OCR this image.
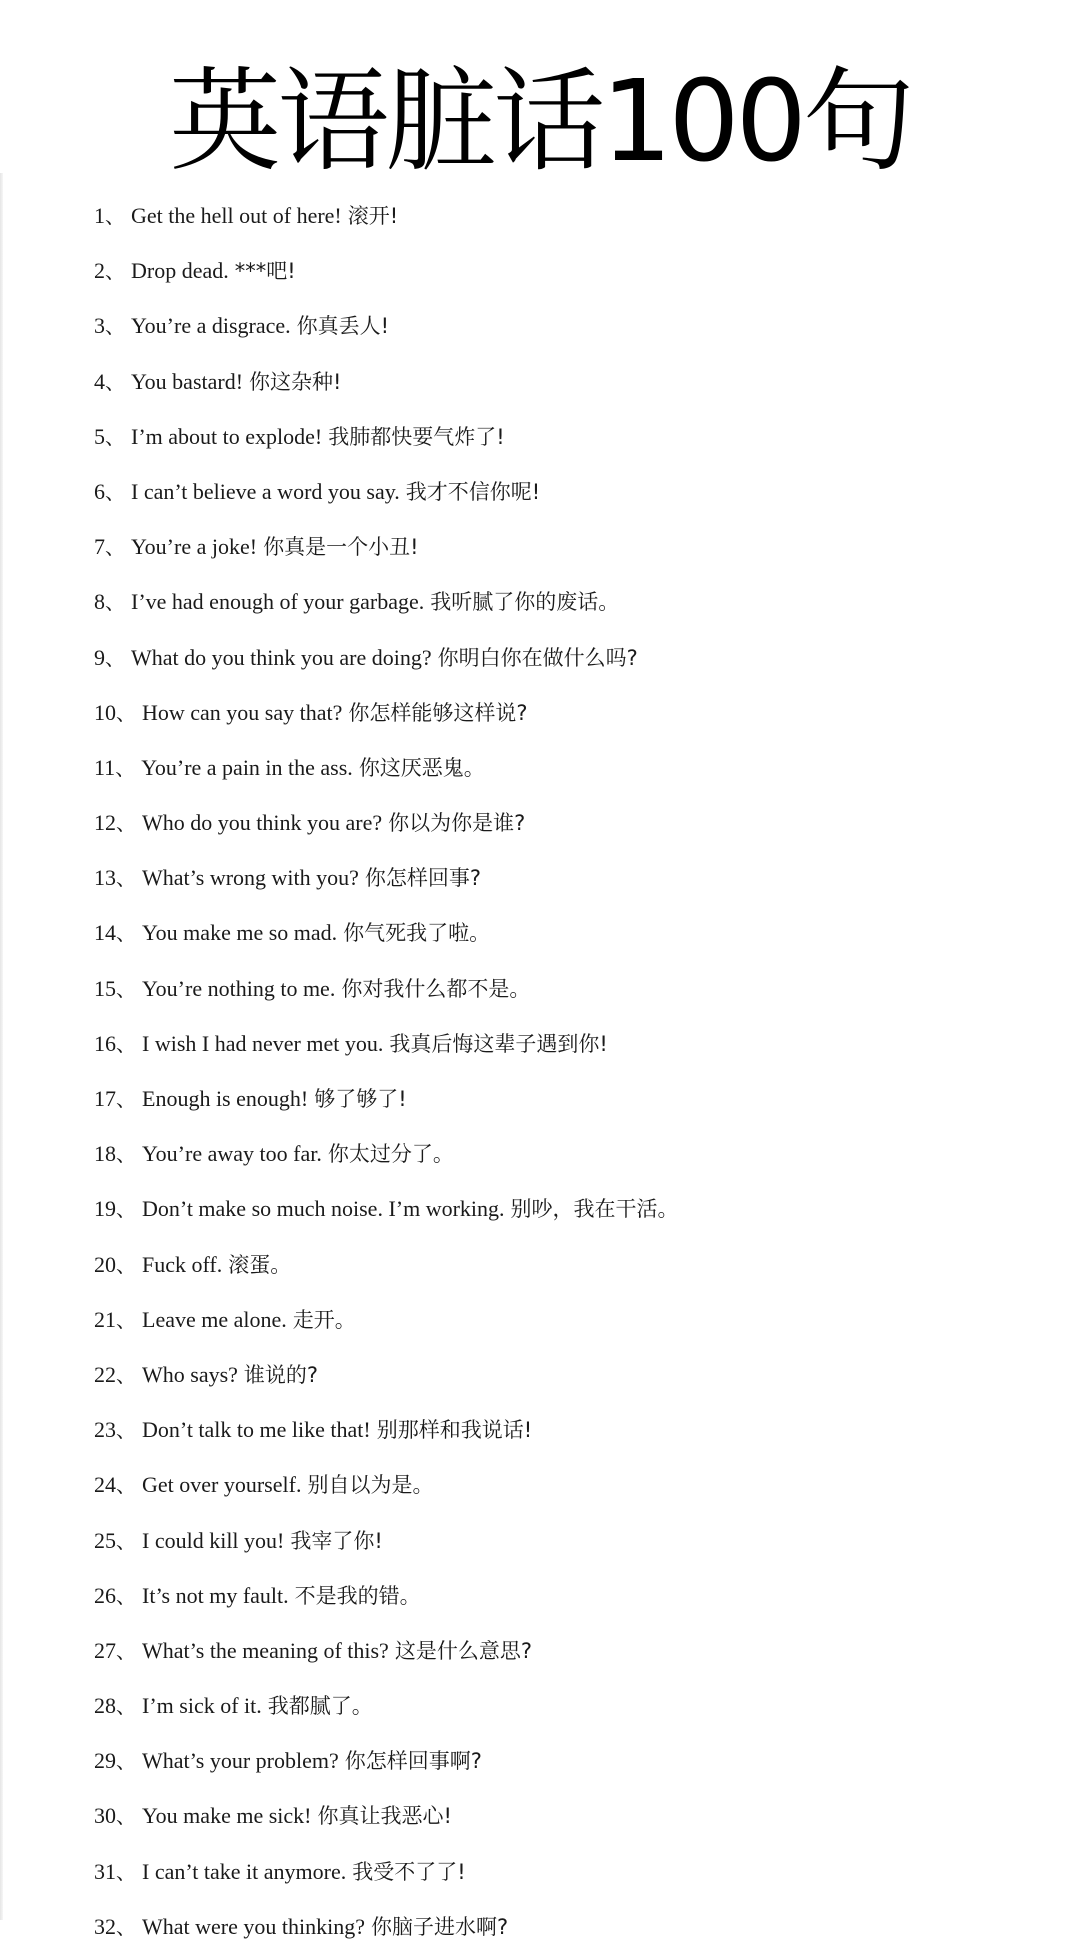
英语脏话100句
1、 Get the hell out of here! 滚开!
2、 Drop dead. ***吧!
3、 You’re a disgrace. 你真丢人!
4、 You bastard! 你这杂种!
5、 I’m about to explode! 我肺都快要气炸了!
6、 I can’t believe a word you say. 我才不信你呢!
7、 You’re a joke! 你真是一个小丑!
8、 I’ve had enough of your garbage. 我听腻了你的废话。
9、 What do you think you are doing? 你明白你在做什么吗?
10、 How can you say that? 你怎样能够这样说?
11、 You’re a pain in the ass. 你这厌恶鬼。
12、 Who do you think you are? 你以为你是谁?
13、 What’s wrong with you? 你怎样回事?
14、 You make me so mad. 你气死我了啦。
15、 You’re nothing to me. 你对我什么都不是。
16、 I wish I had never met you. 我真后悔这辈子遇到你!
17、 Enough is enough! 够了够了!
18、 You’re away too far. 你太过分了。
19、 Don’t make so much noise. I’m working. 别吵，我在干活。
20、 Fuck off. 滚蛋。
21、 Leave me alone. 走开。
22、 Who says? 谁说的?
23、 Don’t talk to me like that! 别那样和我说话!
24、 Get over yourself. 别自以为是。
25、 I could kill you! 我宰了你!
26、 It’s not my fault. 不是我的错。
27、 What’s the meaning of this? 这是什么意思?
28、 I’m sick of it. 我都腻了。
29、 What’s your problem? 你怎样回事啊?
30、 You make me sick! 你真让我恶心!
31、 I can’t take it anymore. 我受不了了!
32、 What were you thinking? 你脑子进水啊?
